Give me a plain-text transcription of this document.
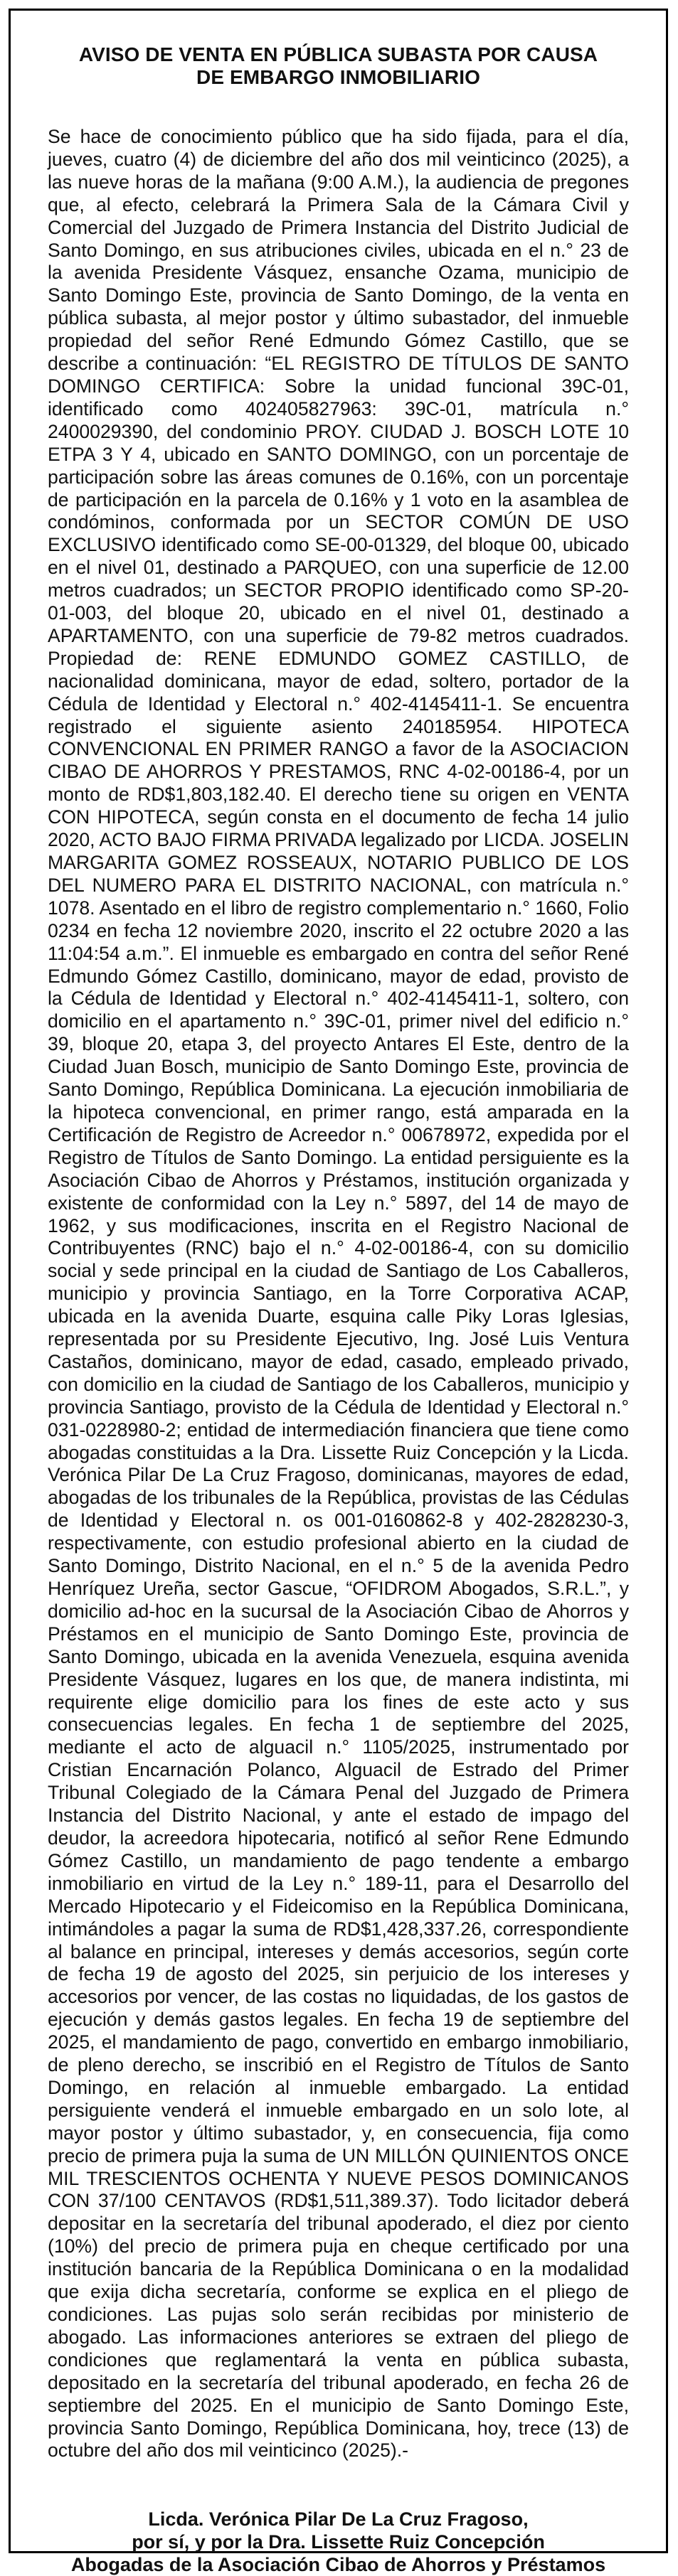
AVISO DE VENTA EN PÚBLICA SUBASTA POR CAUSA
DE EMBARGO INMOBILIARIO

Se hace de conocimiento público que ha sido fijada, para el día, jueves, cuatro (4) de diciembre del año dos mil veinticinco (2025), a las nueve horas de la mañana (9:00 A.M.), la audiencia de pregones que, al efecto, celebrará la Primera Sala de la Cámara Civil y Comercial del Juzgado de Primera Instancia del Distrito Judicial de Santo Domingo, en sus atribuciones civiles, ubicada en el n.° 23 de la avenida Presidente Vásquez, ensanche Ozama, municipio de Santo Domingo Este, provincia de Santo Domingo, de la venta en pública subasta, al mejor postor y último subastador, del inmueble propiedad del señor René Edmundo Gómez Castillo, que se describe a continuación: “EL REGISTRO DE TÍTULOS DE SANTO DOMINGO CERTIFICA: Sobre la unidad funcional 39C-01, identificado como 402405827963: 39C-01, matrícula n.° 2400029390, del condominio PROY. CIUDAD J. BOSCH LOTE 10 ETPA 3 Y 4, ubicado en SANTO DOMINGO, con un porcentaje de participación sobre las áreas comunes de 0.16%, con un porcentaje de participación en la parcela de 0.16% y 1 voto en la asamblea de condóminos, conformada por un SECTOR COMÚN DE USO EXCLUSIVO identificado como SE-00-01329, del bloque 00, ubicado en el nivel 01, destinado a PARQUEO, con una superficie de 12.00 metros cuadrados; un SECTOR PROPIO identificado como SP-20-01-003, del bloque 20, ubicado en el nivel 01, destinado a APARTAMENTO, con una superficie de 79-82 metros cuadrados. Propiedad de: RENE EDMUNDO GOMEZ CASTILLO, de nacionalidad dominicana, mayor de edad, soltero, portador de la Cédula de Identidad y Electoral n.° 402-4145411-1. Se encuentra registrado el siguiente asiento 240185954. HIPOTECA CONVENCIONAL EN PRIMER RANGO a favor de la ASOCIACION CIBAO DE AHORROS Y PRESTAMOS, RNC 4-02-00186-4, por un monto de RD$1,803,182.40. El derecho tiene su origen en VENTA CON HIPOTECA, según consta en el documento de fecha 14 julio 2020, ACTO BAJO FIRMA PRIVADA legalizado por LICDA. JOSELIN MARGARITA GOMEZ ROSSEAUX, NOTARIO PUBLICO DE LOS DEL NUMERO PARA EL DISTRITO NACIONAL, con matrícula n.° 1078. Asentado en el libro de registro complementario n.° 1660, Folio 0234 en fecha 12 noviembre 2020, inscrito el 22 octubre 2020 a las 11:04:54 a.m.”. El inmueble es embargado en contra del señor René Edmundo Gómez Castillo, dominicano, mayor de edad, provisto de la Cédula de Identidad y Electoral n.° 402-4145411-1, soltero, con domicilio en el apartamento n.° 39C-01, primer nivel del edificio n.° 39, bloque 20, etapa 3, del proyecto Antares El Este, dentro de la Ciudad Juan Bosch, municipio de Santo Domingo Este, provincia de Santo Domingo, República Dominicana. La ejecución inmobiliaria de la hipoteca convencional, en primer rango, está amparada en la Certificación de Registro de Acreedor n.° 00678972, expedida por el Registro de Títulos de Santo Domingo. La entidad persiguiente es la Asociación Cibao de Ahorros y Préstamos, institución organizada y existente de conformidad con la Ley n.° 5897, del 14 de mayo de 1962, y sus modificaciones, inscrita en el Registro Nacional de Contribuyentes (RNC) bajo el n.° 4-02-00186-4, con su domicilio social y sede principal en la ciudad de Santiago de Los Caballeros, municipio y provincia Santiago, en la Torre Corporativa ACAP, ubicada en la avenida Duarte, esquina calle Piky Loras Iglesias, representada por su Presidente Ejecutivo, Ing. José Luis Ventura Castaños, dominicano, mayor de edad, casado, empleado privado, con domicilio en la ciudad de Santiago de los Caballeros, municipio y provincia Santiago, provisto de la Cédula de Identidad y Electoral n.° 031-0228980-2; entidad de intermediación financiera que tiene como abogadas constituidas a la Dra. Lissette Ruiz Concepción y la Licda. Verónica Pilar De La Cruz Fragoso, dominicanas, mayores de edad, abogadas de los tribunales de la República, provistas de las Cédulas de Identidad y Electoral n. os 001-0160862-8 y 402-2828230-3, respectivamente, con estudio profesional abierto en la ciudad de Santo Domingo, Distrito Nacional, en el n.° 5 de la avenida Pedro Henríquez Ureña, sector Gascue, “OFIDROM Abogados, S.R.L.”, y domicilio ad-hoc en la sucursal de la Asociación Cibao de Ahorros y Préstamos en el municipio de Santo Domingo Este, provincia de Santo Domingo, ubicada en la avenida Venezuela, esquina avenida Presidente Vásquez, lugares en los que, de manera indistinta, mi requirente elige domicilio para los fines de este acto y sus consecuencias legales. En fecha 1 de septiembre del 2025, mediante el acto de alguacil n.° 1105/2025, instrumentado por Cristian Encarnación Polanco, Alguacil de Estrado del Primer Tribunal Colegiado de la Cámara Penal del Juzgado de Primera Instancia del Distrito Nacional, y ante el estado de impago del deudor, la acreedora hipotecaria, notificó al señor Rene Edmundo Gómez Castillo, un mandamiento de pago tendente a embargo inmobiliario en virtud de la Ley n.° 189-11, para el Desarrollo del Mercado Hipotecario y el Fideicomiso en la República Dominicana, intimándoles a pagar la suma de RD$1,428,337.26, correspondiente al balance en principal, intereses y demás accesorios, según corte de fecha 19 de agosto del 2025, sin perjuicio de los intereses y accesorios por vencer, de las costas no liquidadas, de los gastos de ejecución y demás gastos legales. En fecha 19 de septiembre del 2025, el mandamiento de pago, convertido en embargo inmobiliario, de pleno derecho, se inscribió en el Registro de Títulos de Santo Domingo, en relación al inmueble embargado. La entidad persiguiente venderá el inmueble embargado en un solo lote, al mayor postor y último subastador, y, en consecuencia, fija como precio de primera puja la suma de UN MILLÓN QUINIENTOS ONCE MIL TRESCIENTOS OCHENTA Y NUEVE PESOS DOMINICANOS CON 37/100 CENTAVOS (RD$1,511,389.37). Todo licitador deberá depositar en la secretaría del tribunal apoderado, el diez por ciento (10%) del precio de primera puja en cheque certificado por una institución bancaria de la República Dominicana o en la modalidad que exija dicha secretaría, conforme se explica en el pliego de condiciones. Las pujas solo serán recibidas por ministerio de abogado. Las informaciones anteriores se extraen del pliego de condiciones que reglamentará la venta en pública subasta, depositado en la secretaría del tribunal apoderado, en fecha 26 de septiembre del 2025. En el municipio de Santo Domingo Este, provincia Santo Domingo, República Dominicana, hoy, trece (13) de octubre del año dos mil veinticinco (2025).-

Licda. Verónica Pilar De La Cruz Fragoso,
por sí, y por la Dra. Lissette Ruiz Concepción
Abogadas de la Asociación Cibao de Ahorros y Préstamos
